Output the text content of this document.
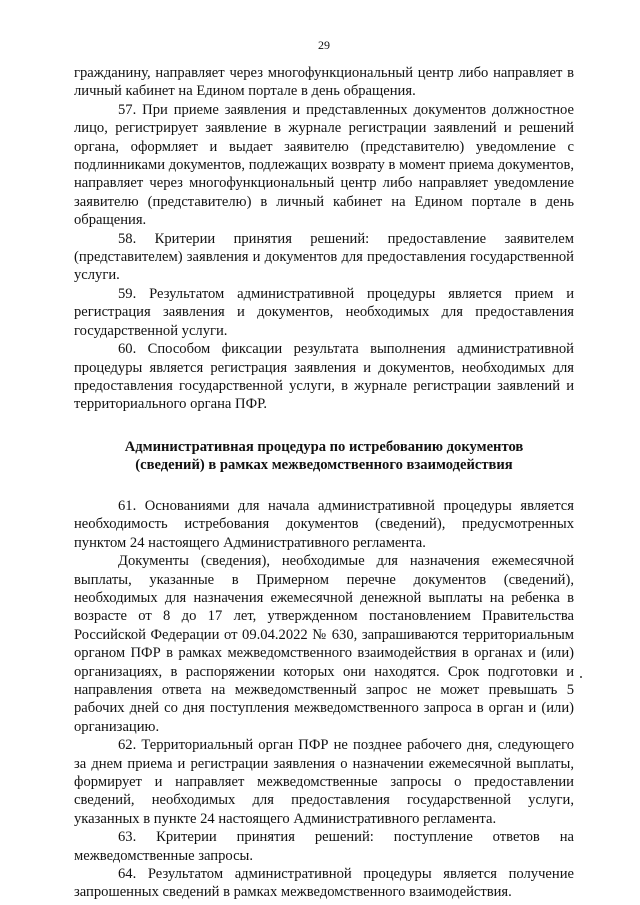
29

гражданину, направляет через многофункциональный центр либо направляет в личный кабинет на Едином портале в день обращения.

57. При приеме заявления и представленных документов должностное лицо, регистрирует заявление в журнале регистрации заявлений и решений органа, оформляет и выдает заявителю (представителю) уведомление с подлинниками документов, подлежащих возврату в момент приема документов, направляет через многофункциональный центр либо направляет уведомление заявителю (представителю) в личный кабинет на Едином портале в день обращения.

58. Критерии принятия решений: предоставление заявителем (представителем) заявления и документов для предоставления государственной услуги.

59. Результатом административной процедуры является прием и регистрация заявления и документов, необходимых для предоставления государственной услуги.

60. Способом фиксации результата выполнения административной процедуры является регистрация заявления и документов, необходимых для предоставления государственной услуги, в журнале регистрации заявлений и территориального органа ПФР.

Административная процедура по истребованию документов
(сведений) в рамках межведомственного взаимодействия

61. Основаниями для начала административной процедуры является необходимость истребования документов (сведений), предусмотренных пунктом 24 настоящего Административного регламента.

Документы (сведения), необходимые для назначения ежемесячной выплаты, указанные в Примерном перечне документов (сведений), необходимых для назначения ежемесячной денежной выплаты на ребенка в возрасте от 8 до 17 лет, утвержденном постановлением Правительства Российской Федерации от 09.04.2022 № 630, запрашиваются территориальным органом ПФР в рамках межведомственного взаимодействия в органах и (или) организациях, в распоряжении которых они находятся. Срок подготовки и направления ответа на межведомственный запрос не может превышать 5 рабочих дней со дня поступления межведомственного запроса в орган и (или) организацию.

62. Территориальный орган ПФР не позднее рабочего дня, следующего за днем приема и регистрации заявления о назначении ежемесячной выплаты, формирует и направляет межведомственные запросы о предоставлении сведений, необходимых для предоставления государственной услуги, указанных в пункте 24 настоящего Административного регламента.

63. Критерии принятия решений: поступление ответов на межведомственные запросы.

64. Результатом административной процедуры является получение запрошенных сведений в рамках межведомственного взаимодействия.
